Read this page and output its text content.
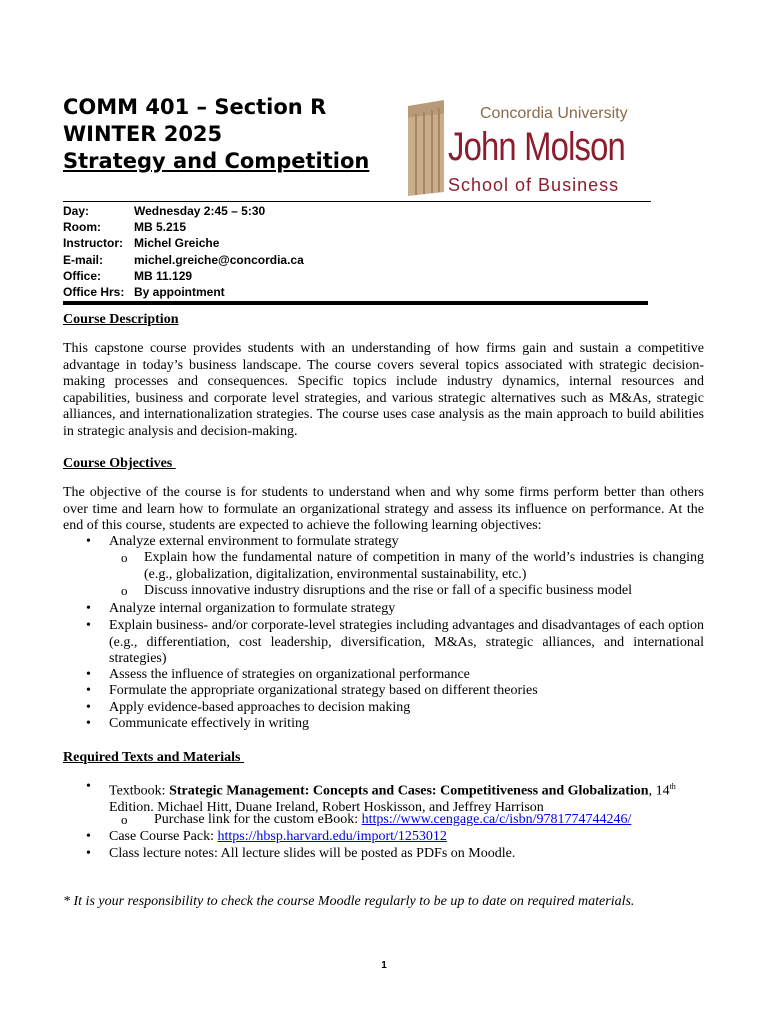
COMM 401 – Section R
WINTER 2025
Strategy and Competition
Concordia University
John Molson
School of Business
Day:	Wednesday 2:45 – 5:30
Room:	MB 5.215
Instructor: Michel Greiche
E-mail:	michel.greiche@concordia.ca
Office:	MB 11.129
Office Hrs: By appointment
Course Description
This capstone course provides students with an understanding of how firms gain and sustain a competitive advantage in today’s business landscape. The course covers several topics associated with strategic decision-making processes and consequences. Specific topics include industry dynamics, internal resources and capabilities, business and corporate level strategies, and various strategic alternatives such as M&As, strategic alliances, and internationalization strategies. The course uses case analysis as the main approach to build abilities in strategic analysis and decision-making.
Course Objectives
The objective of the course is for students to understand when and why some firms perform better than others over time and learn how to formulate an organizational strategy and assess its influence on performance. At the end of this course, students are expected to achieve the following learning objectives:
• Analyze external environment to formulate strategy
o Explain how the fundamental nature of competition in many of the world’s industries is changing (e.g., globalization, digitalization, environmental sustainability, etc.)
o Discuss innovative industry disruptions and the rise or fall of a specific business model
• Analyze internal organization to formulate strategy
• Explain business- and/or corporate-level strategies including advantages and disadvantages of each option (e.g., differentiation, cost leadership, diversification, M&As, strategic alliances, and international strategies)
• Assess the influence of strategies on organizational performance
• Formulate the appropriate organizational strategy based on different theories
• Apply evidence-based approaches to decision making
• Communicate effectively in writing
Required Texts and Materials
• Textbook: Strategic Management: Concepts and Cases: Competitiveness and Globalization, 14th Edition. Michael Hitt, Duane Ireland, Robert Hoskisson, and Jeffrey Harrison
o Purchase link for the custom eBook: https://www.cengage.ca/c/isbn/9781774744246/
• Case Course Pack: https://hbsp.harvard.edu/import/1253012
• Class lecture notes: All lecture slides will be posted as PDFs on Moodle.
* It is your responsibility to check the course Moodle regularly to be up to date on required materials.
1
